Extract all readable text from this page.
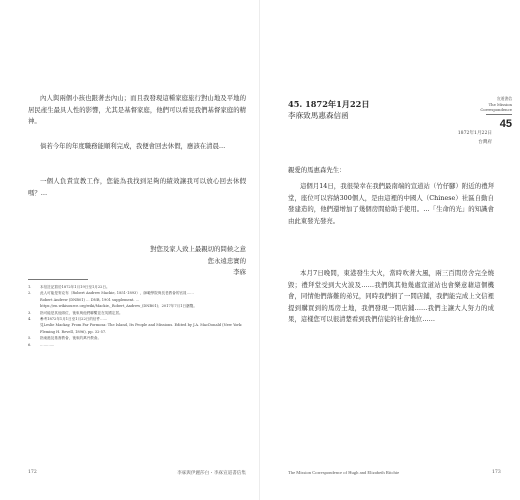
內人與兩個小孩也跟著去內山；而且我發現這種家庭旅行對山地及平地的居民產生最具人性的影響，尤其是基督家庭，他們可以看見我們基督家庭的精神。

倘若今年的年度職務能順利完成，我便會回去休假，應該在清晨…

一個人負責宣教工作，您能為我找到足夠的績效讓我可以放心回去休假嗎？…

對您及家人致上最親切的問候之意
您永遠忠實的
李庥
1. 本信註記寫於1872年1月19日至1月22日。
2. 此人可能是麥克布（Robert Andrew Mackie, 1851-1893），師範學院與長老教會的官員……
Robert Andrew (DNB01) … DNB, 1901 supplement. … https://en.wikisource.org/wiki/Mackie,_Robert_Andrew_(DNB01)；2017年7月1日瀏覽。
3. 指可能是其他兩位，後來與他們聯繫並在英國定居。
4. 參考1872年1月1日至1月22日的信件……
見Leslie Mackay, From Far Formosa: The Island, Its People and Missions. Edited by J.A. MacDonald (New York: Fleming H. Revell, 1896), pp. 32-57.
5. 指東港及基督教會，後來的萬丹教會。
6. …………
172	李庥與伊麗莎白・李庥宣道書信集
45. 1872年1月22日
李庥致馬惠森信函
宣道書信
The Mission
Correspondence
45
1872年1月22日
台灣府
親愛的馬惠森先生：

這個月14日，我很榮幸在我們最南端的宣道站（竹仔腳）附近的禮拜堂，座位可以容納300個人，是由這裡的中國人（Chinese）社區自動自發建造的，他們還增加了幾個房間給助手使用。…「生命的光」的知識會由此東發光發亮。

本月7日晚間，東港發生大火，當時吹著大風，兩三百間房舍完全燒毀；禮拜堂受到大火波及……我們與其他幾處宣道站也會樂意藉這個機會，同情他們落難的弟兄，同時我們捐了一間店鋪，我們能完成上文信裡提到購買到的馬房土地，我們發現一間店鋪……我們主讓大人努力的成果，這樣您可以很清楚看到我們信徒的社會地位……

The Mission Correspondence of Hugh and Elizabeth Ritchie	173
